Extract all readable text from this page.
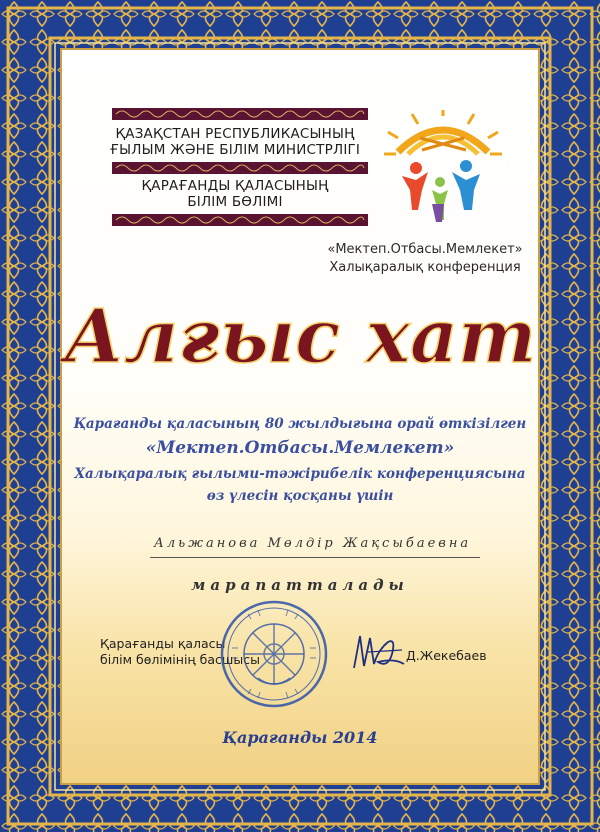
ҚАЗАҚСТАН РЕСПУБЛИКАСЫНЫҢ
ҒЫЛЫМ ЖӘНЕ БІЛІМ МИНИСТРЛІГІ
ҚАРАҒАНДЫ ҚАЛАСЫНЫҢ
БІЛІМ БӨЛІМІ
«Мектеп.Отбасы.Мемлекет»
Халықаралық конференция
Алғыс хат
Қарағанды қаласының 80 жылдығына орай өткізілген
«Мектеп.Отбасы.Мемлекет»
Халықаралық ғылыми-тәжірибелік конференциясына
өз үлесін қосқаны үшін
Альжанова Мөлдір Жақсыбаевна
марапатталады
Қарағанды қаласы
білім бөлімінің басшысы	Д.Жекебаев
Қарағанды 2014
